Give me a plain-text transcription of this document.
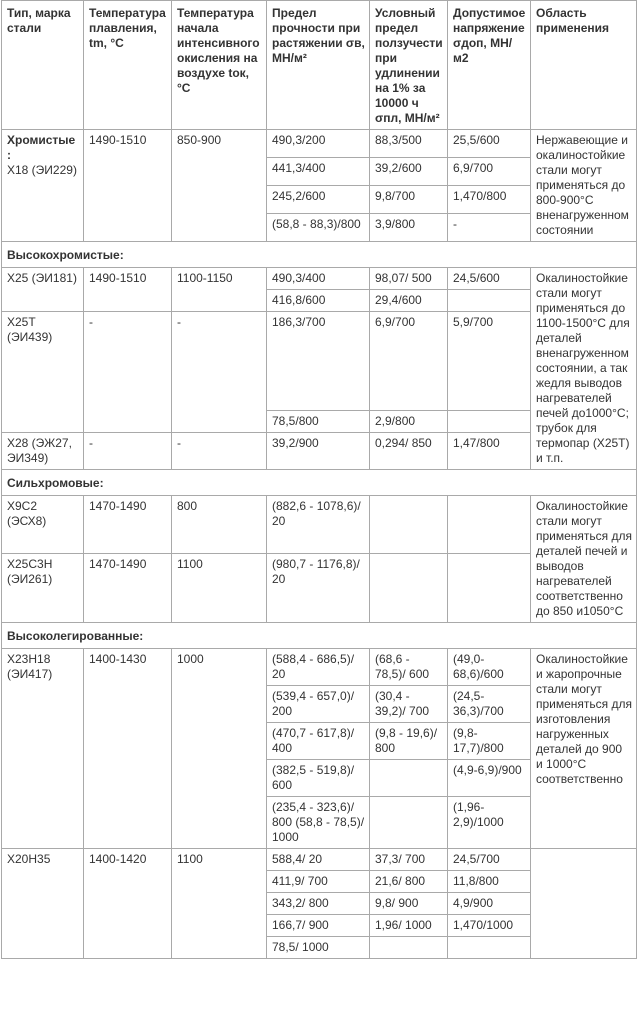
Тип, марка стали	Температура плавления, tm, °C	Температура начала интенсивного окисления на воздухе tок,°С	Предел прочности при растяжении σв, МН/м²	Условный предел ползучести при удлинении на 1% за 10000 ч σпл, МН/м²	Допустимое напряжение σдоп, МН/м2	Область применения
Хромистые:
Х18 (ЭИ229)	1490-1510	850-900	490,3/200	88,3/500	25,5/600	Нержавеющие и окалиностойкие стали могут применяться до 800-900°С вненагруженном состоянии
			441,3/400	39,2/600	6,9/700	
			245,2/600	9,8/700	1,470/800	
			(58,8 - 88,3)/800	3,9/800	-	
Высокохромистые:						
Х25 (ЭИ181)	1490-1510	1100-1150	490,3/400	98,07/ 500	24,5/600	Окалиностойкие стали могут применяться до 1100-1500°С для деталей вненагруженном состоянии, а так жедля выводов нагревателей печей до1000°С; трубок для термопар (Х25Т) и т.п.
			416,8/600	29,4/600		
Х25Т (ЭИ439)	-	-	186,3/700	6,9/700	5,9/700	
			78,5/800	2,9/800		
Х28 (ЭЖ27, ЭИ349)	-	-	39,2/900	0,294/ 850	1,47/800	
Сильхромовые:						
Х9С2 (ЭСХ8)	1470-1490	800	(882,6 - 1078,6)/ 20			Окалиностойкие стали могут применяться для деталей печей и выводов нагревателей соответственно до 850 и1050°С
Х25С3Н (ЭИ261)	1470-1490	1100	(980,7 - 1176,8)/ 20			
Высоколегированные:						
Х23Н18 (ЭИ417)	1400-1430	1000	(588,4 - 686,5)/ 20	(68,6 - 78,5)/ 600	(49,0- 68,6)/600	Окалиностойкие и жаропрочные стали могут применяться для изготовления нагруженных деталей до 900 и 1000°С соответственно
			(539,4 - 657,0)/ 200	(30,4 - 39,2)/ 700	(24,5- 36,3)/700	
			(470,7 - 617,8)/ 400	(9,8 - 19,6)/ 800	(9,8-17,7)/800	
			(382,5 - 519,8)/ 600		(4,9-6,9)/900	
			(235,4 - 323,6)/ 800 (58,8 - 78,5)/ 1000		(1,96- 2,9)/1000	
Х20Н35	1400-1420	1100	588,4/ 20	37,3/ 700	24,5/700	
			411,9/ 700	21,6/ 800	11,8/800	
			343,2/ 800	9,8/ 900	4,9/900	
			166,7/ 900	1,96/ 1000	1,470/1000	
			78,5/ 1000			
